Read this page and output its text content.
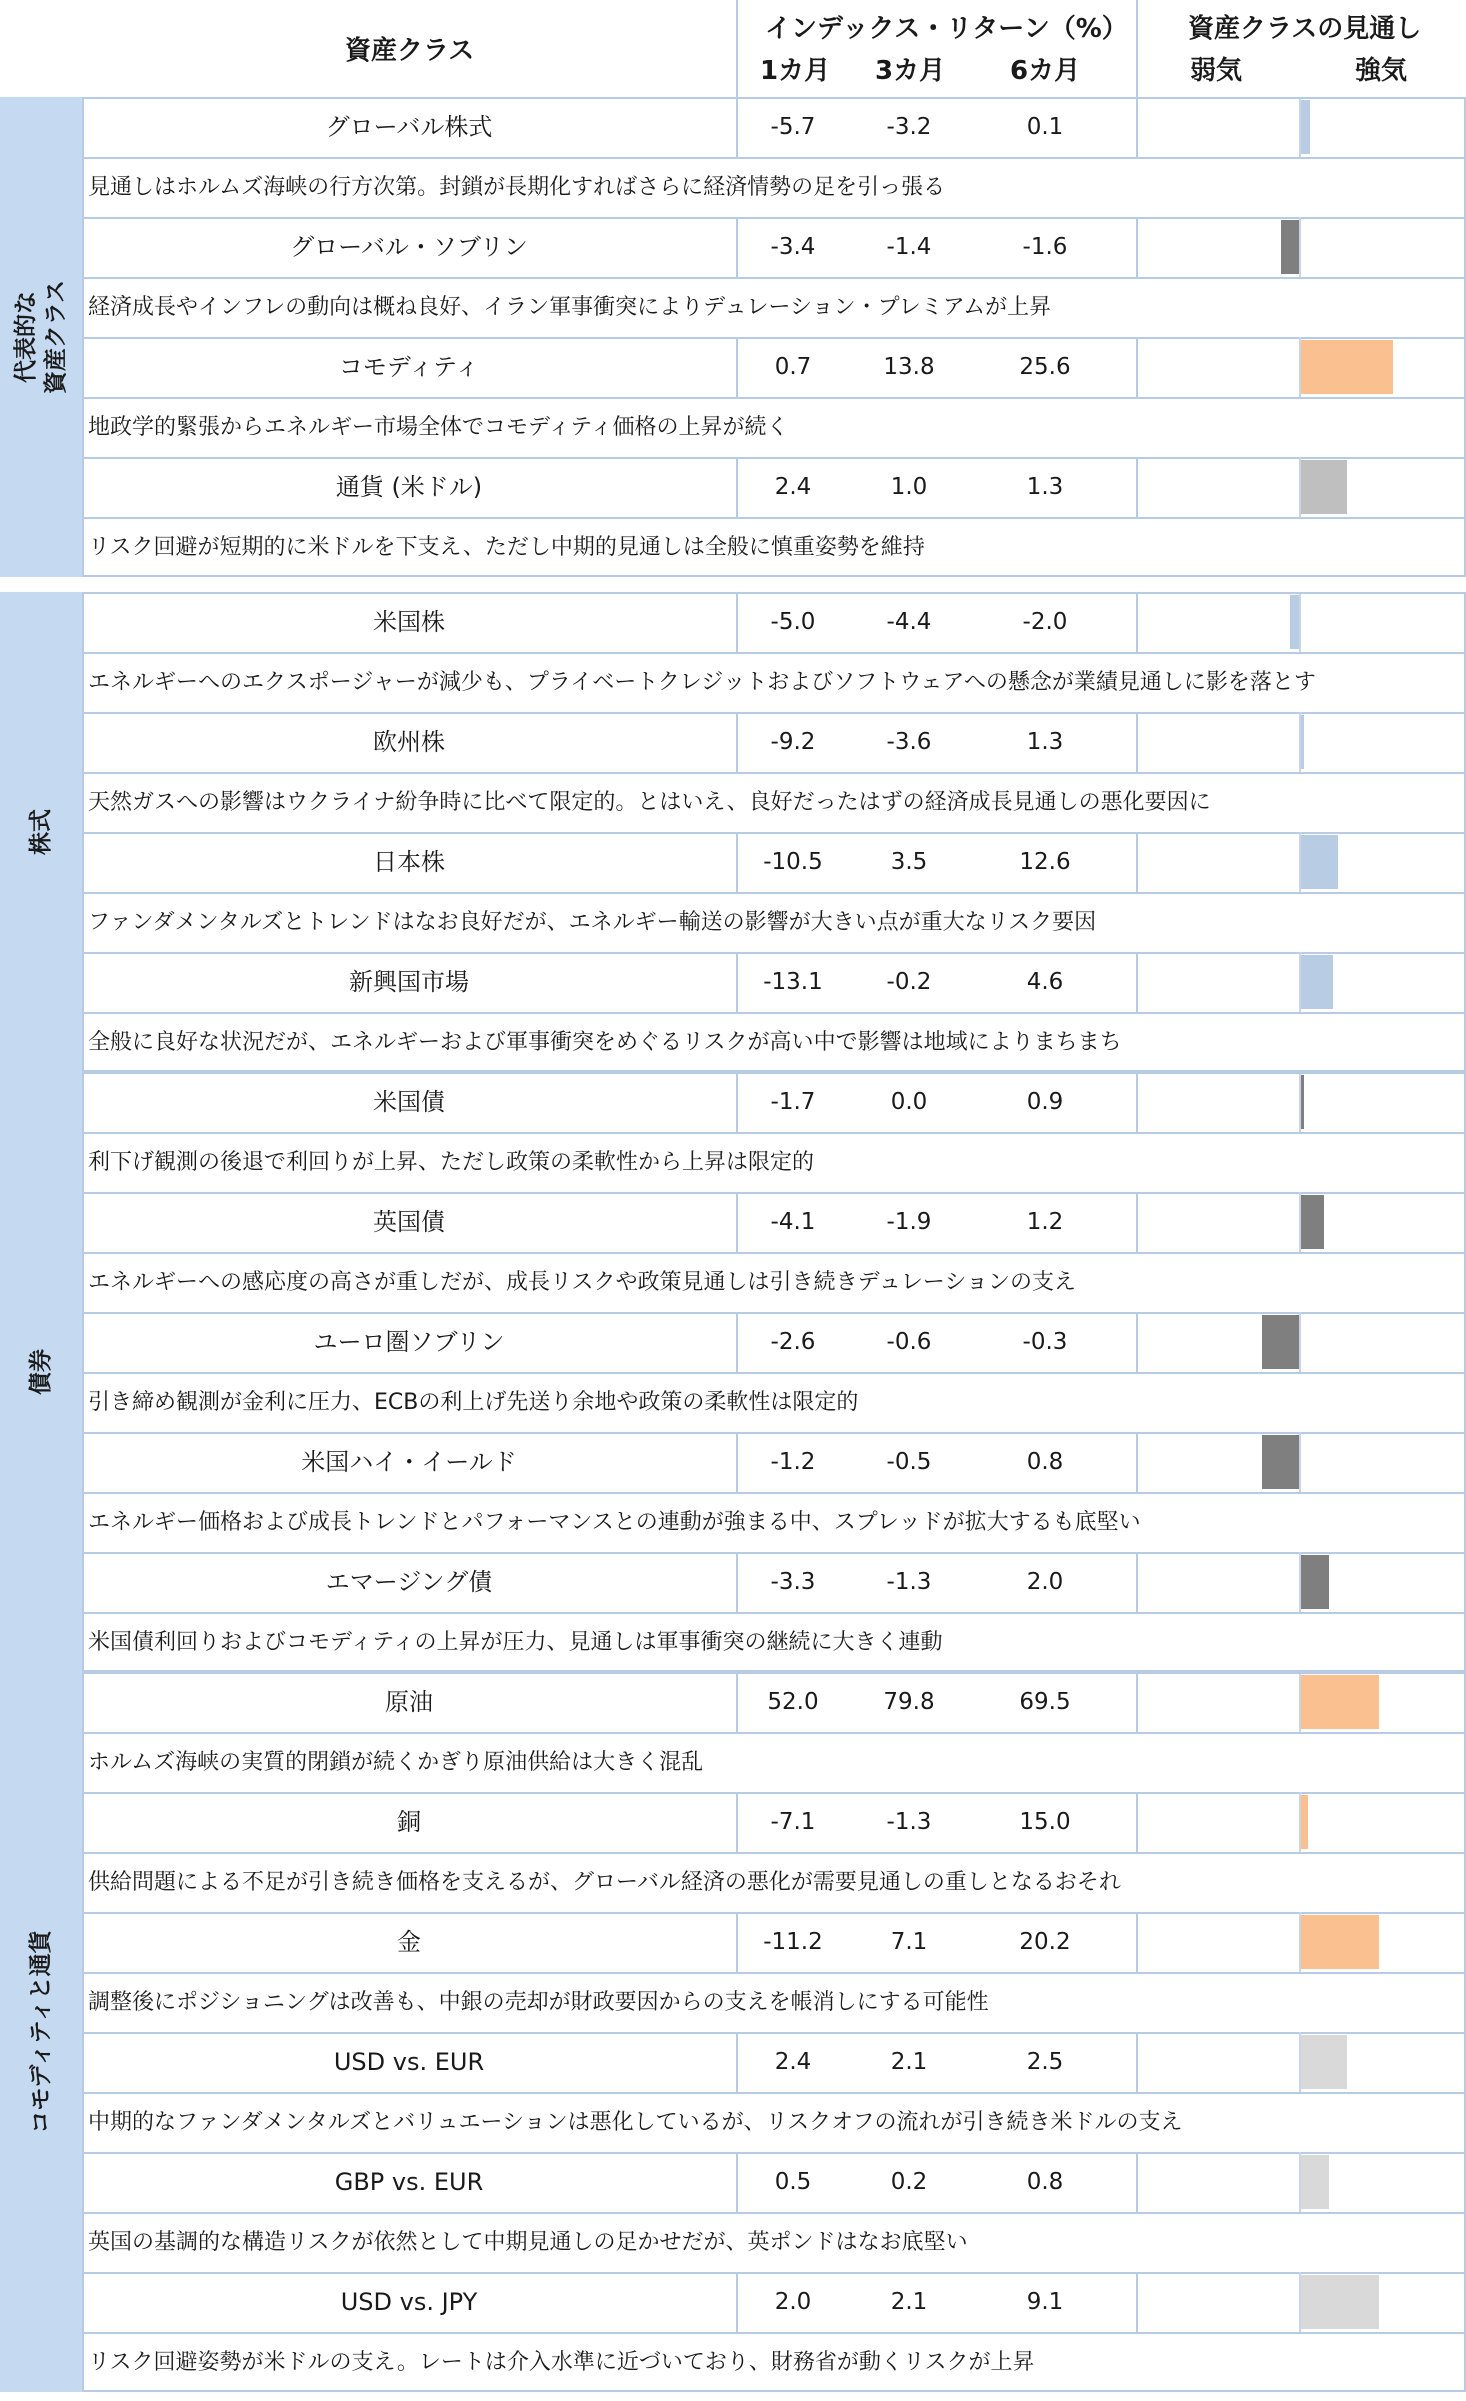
資産クラス
インデックス・リターン（%）
1カ月 3カ月 6カ月
資産クラスの見通し
弱気	強気
代表的な
資産クラス
グローバル株式	-5.7	-3.2	0.1
見通しはホルムズ海峡の行方次第。封鎖が長期化すればさらに経済情勢の足を引っ張る
グローバル・ソブリン	-3.4	-1.4	-1.6
経済成長やインフレの動向は概ね良好、イラン軍事衝突によりデュレーション・プレミアムが上昇
コモディティ	0.7	13.8	25.6
地政学的緊張からエネルギー市場全体でコモディティ価格の上昇が続く
通貨 (米ドル)	2.4	1.0	1.3
リスク回避が短期的に米ドルを下支え、ただし中期的見通しは全般に慎重姿勢を維持
株式
米国株	-5.0	-4.4	-2.0
エネルギーへのエクスポージャーが減少も、プライベートクレジットおよびソフトウェアへの懸念が業績見通しに影を落とす
欧州株	-9.2	-3.6	1.3
天然ガスへの影響はウクライナ紛争時に比べて限定的。とはいえ、良好だったはずの経済成長見通しの悪化要因に
日本株	-10.5	3.5	12.6
ファンダメンタルズとトレンドはなお良好だが、エネルギー輸送の影響が大きい点が重大なリスク要因
新興国市場	-13.1	-0.2	4.6
全般に良好な状況だが、エネルギーおよび軍事衝突をめぐるリスクが高い中で影響は地域によりまちまち
債券
米国債	-1.7	0.0	0.9
利下げ観測の後退で利回りが上昇、ただし政策の柔軟性から上昇は限定的
英国債	-4.1	-1.9	1.2
エネルギーへの感応度の高さが重しだが、成長リスクや政策見通しは引き続きデュレーションの支え
ユーロ圏ソブリン	-2.6	-0.6	-0.3
引き締め観測が金利に圧力、ECBの利上げ先送り余地や政策の柔軟性は限定的
米国ハイ・イールド	-1.2	-0.5	0.8
エネルギー価格および成長トレンドとパフォーマンスとの連動が強まる中、スプレッドが拡大するも底堅い
エマージング債	-3.3	-1.3	2.0
米国債利回りおよびコモディティの上昇が圧力、見通しは軍事衝突の継続に大きく連動
コモディティと通貨
原油	52.0	79.8	69.5
ホルムズ海峡の実質的閉鎖が続くかぎり原油供給は大きく混乱
銅	-7.1	-1.3	15.0
供給問題による不足が引き続き価格を支えるが、グローバル経済の悪化が需要見通しの重しとなるおそれ
金	-11.2	7.1	20.2
調整後にポジショニングは改善も、中銀の売却が財政要因からの支えを帳消しにする可能性
USD vs. EUR	2.4	2.1	2.5
中期的なファンダメンタルズとバリュエーションは悪化しているが、リスクオフの流れが引き続き米ドルの支え
GBP vs. EUR	0.5	0.2	0.8
英国の基調的な構造リスクが依然として中期見通しの足かせだが、英ポンドはなお底堅い
USD vs. JPY	2.0	2.1	9.1
リスク回避姿勢が米ドルの支え。レートは介入水準に近づいており、財務省が動くリスクが上昇
